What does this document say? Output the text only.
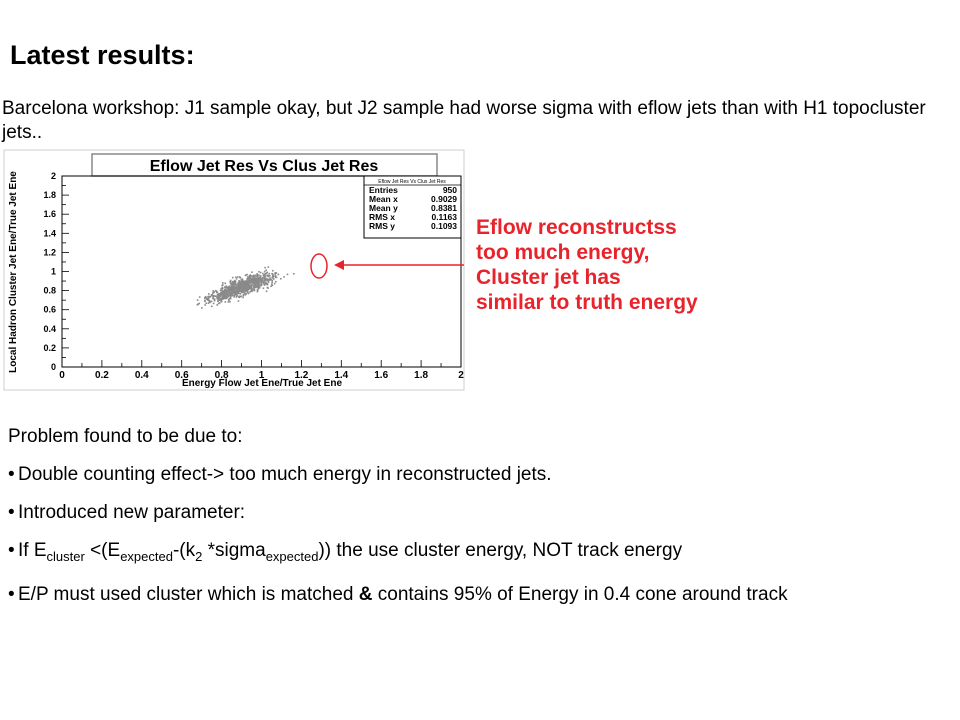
Latest results:

Barcelona workshop: J1 sample okay, but J2 sample had worse sigma with eflow jets than with H1 topocluster jets..

Eflow Jet Res Vs Clus Jet Res
0	0.2	0.4	0.6	0.8	1	1.2	1.4	1.6	1.8	2
0
0.2
0.4
0.6
0.8
1
1.2
1.4
1.6
1.8
2
Eflow Jet Res Vs Clus Jet Res
Entries	950
Mean x	0.9029
Mean y	0.8381
RMS x	0.1163
RMS y	0.1093
Energy Flow Jet Ene/True Jet Ene
Local Hadron Cluster Jet Ene/True Jet Ene	Eflow reconstructss
too much energy,
Cluster jet has
similar to truth energy

Problem found to be due to:

• Double counting effect-> too much energy in reconstructed jets.

• Introduced new parameter:

• If $E_{cluster} <(E_{expected}-(k_2$ *sigma$_{expected}$)) the use cluster energy, NOT track energy

• E/P must used cluster which is matched & contains 95% of Energy in 0.4 cone around track
